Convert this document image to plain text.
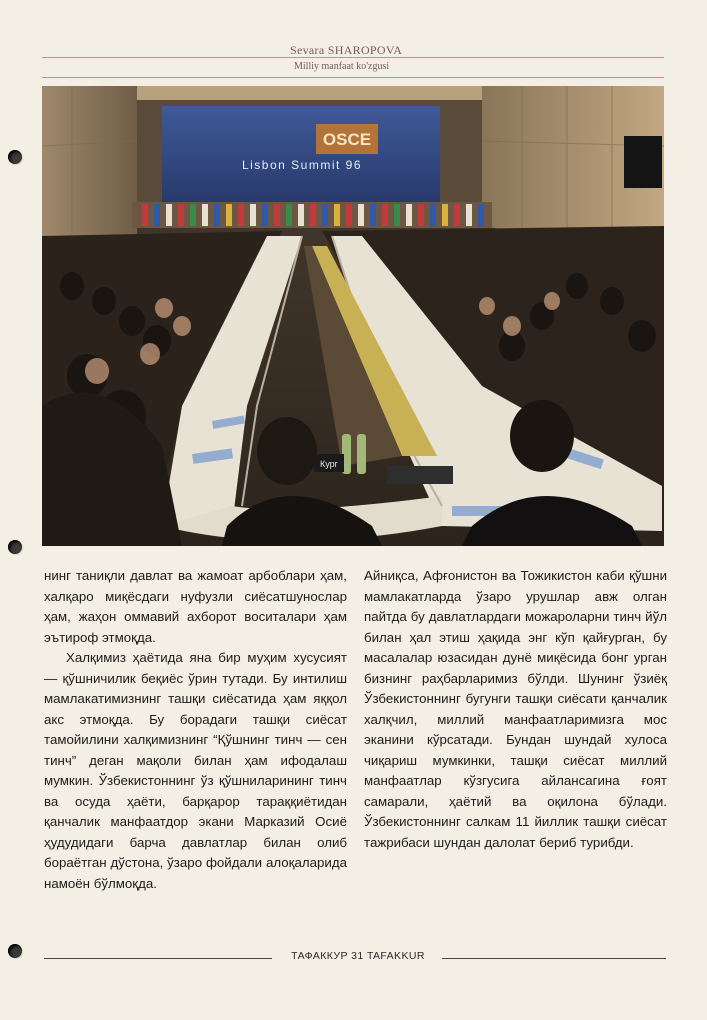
Sevara SHAROPOVA
Milliy manfaat ko'zgusi
OSCE
Lisbon Summit 96
Кург

нинг таниқли давлат ва жамоат арбоблари ҳам, халқаро миқёсдаги нуфузли сиёсатшунослар ҳам, жаҳон оммавий ахборот воситалари ҳам эътироф этмоқда.

Халқимиз ҳаётида яна бир муҳим хусусият — қўшничилик беқиёс ўрин тутади. Бу интилиш мамлакатимизнинг ташқи сиёсатида ҳам яққол акс этмоқда. Бу борадаги ташқи сиёсат тамойилини халқимизнинг “Қўшнинг тинч — сен тинч” деган мақоли билан ҳам ифодалаш мумкин. Ўзбекистоннинг ўз қўшниларининг тинч ва осуда ҳаёти, барқарор тараққиётидан қанчалик манфаатдор экани Марказий Осиё ҳудудидаги барча давлатлар билан олиб бораётган дўстона, ўзаро фойдали алоқаларида намоён бўлмоқда.

Айниқса, Афғонистон ва Тожикистон каби қўшни мамлакатларда ўзаро урушлар авж олган пайтда бу давлатлардаги можароларни тинч йўл билан ҳал этиш ҳақида энг кўп қайғурган, бу масалалар юзасидан дунё миқёсида бонг урган бизнинг раҳбарларимиз бўлди. Шунинг ўзиёқ Ўзбекистоннинг бугунги ташқи сиёсати қанчалик халқчил, миллий манфаатларимизга мос эканини кўрсатади. Бундан шундай хулоса чиқариш мумкинки, ташқи сиёсат миллий манфаатлар кўзгусига айлансагина ғоят самарали, ҳаётий ва оқилона бўлади. Ўзбекистоннинг салкам 11 йиллик ташқи сиёсат тажрибаси шундан далолат бериб турибди.

ТАФАККУР 31 TAFAKKUR
